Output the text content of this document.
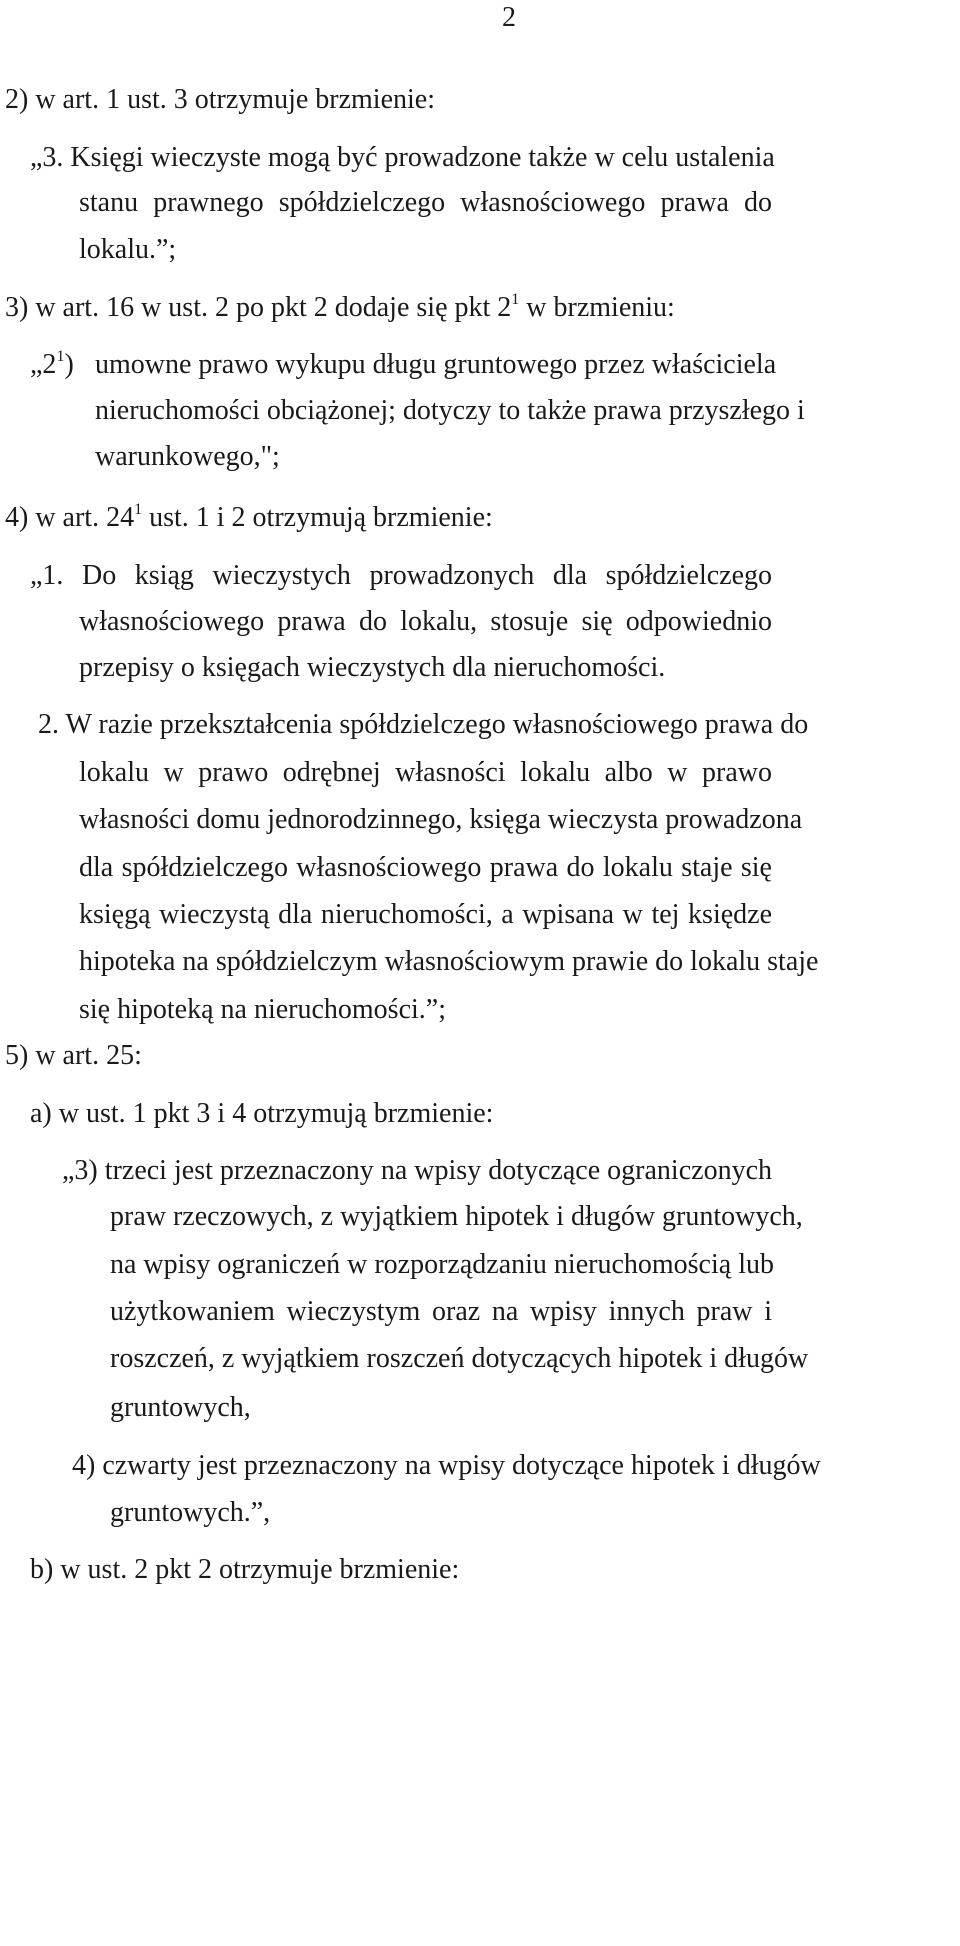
2
2) w art. 1 ust. 3 otrzymuje brzmienie:
„3. Księgi wieczyste mogą być prowadzone także w celu ustalenia
stanu prawnego spółdzielczego własnościowego prawa do
lokalu.”;
3) w art. 16 w ust. 2 po pkt 2 dodaje się pkt $2^1$ w brzmieniu:
$„2^1$) umowne prawo wykupu długu gruntowego przez właściciela
nieruchomości obciążonej; dotyczy to także prawa przyszłego i
warunkowego,";
4) w art. $24^1$ ust. 1 i 2 otrzymują brzmienie:
„1. Do ksiąg wieczystych prowadzonych dla spółdzielczego
własnościowego prawa do lokalu, stosuje się odpowiednio
przepisy o księgach wieczystych dla nieruchomości.
2. W razie przekształcenia spółdzielczego własnościowego prawa do
lokalu w prawo odrębnej własności lokalu albo w prawo
własności domu jednorodzinnego, księga wieczysta prowadzona
dla spółdzielczego własnościowego prawa do lokalu staje się
księgą wieczystą dla nieruchomości, a wpisana w tej księdze
hipoteka na spółdzielczym własnościowym prawie do lokalu staje
się hipoteką na nieruchomości.”;
5) w art. 25:
a) w ust. 1 pkt 3 i 4 otrzymują brzmienie:
„3) trzeci jest przeznaczony na wpisy dotyczące ograniczonych
praw rzeczowych, z wyjątkiem hipotek i długów gruntowych,
na wpisy ograniczeń w rozporządzaniu nieruchomością lub
użytkowaniem wieczystym oraz na wpisy innych praw i
roszczeń, z wyjątkiem roszczeń dotyczących hipotek i długów
gruntowych,
4) czwarty jest przeznaczony na wpisy dotyczące hipotek i długów
gruntowych.”,
b) w ust. 2 pkt 2 otrzymuje brzmienie:
